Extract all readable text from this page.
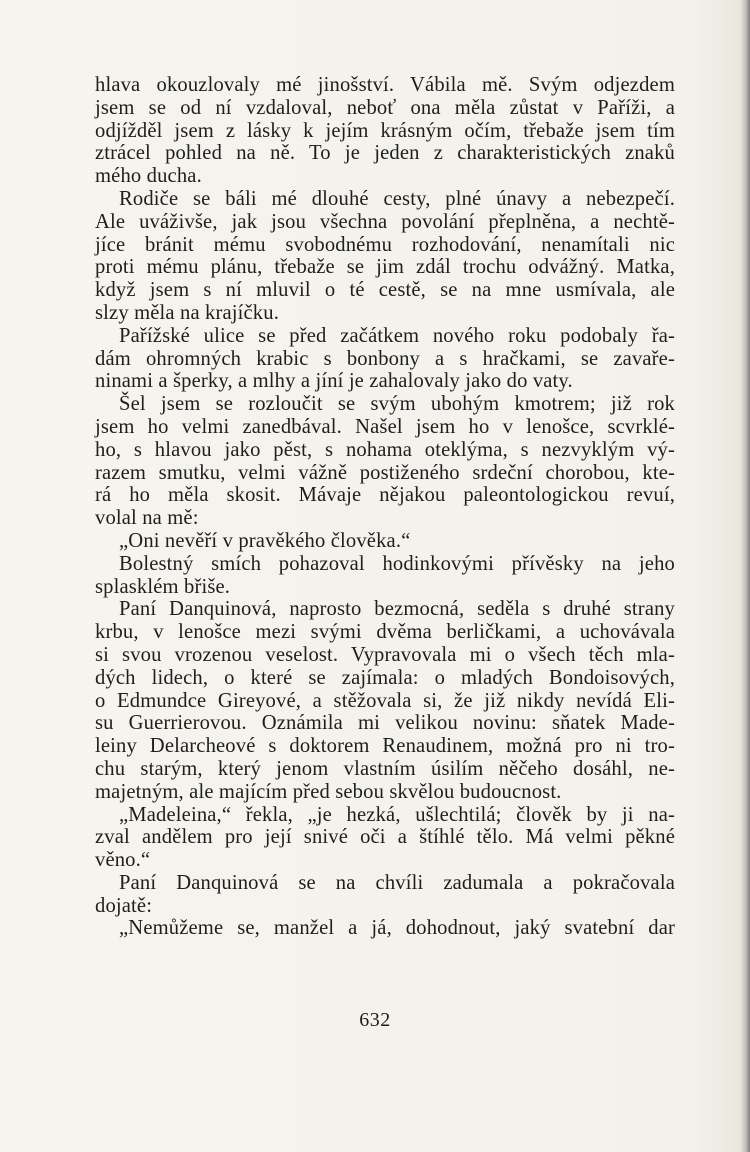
hlava okouzlovaly mé jinošství. Vábila mě. Svým odjezdem
jsem se od ní vzdaloval, neboť ona měla zůstat v Paříži, a
odjížděl jsem z lásky k jejím krásným očím, třebaže jsem tím
ztrácel pohled na ně. To je jeden z charakteristických znaků
mého ducha.
Rodiče se báli mé dlouhé cesty, plné únavy a nebezpečí.
Ale uváživše, jak jsou všechna povolání přeplněna, a nechtě-
jíce bránit mému svobodnému rozhodování, nenamítali nic
proti mému plánu, třebaže se jim zdál trochu odvážný. Matka,
když jsem s ní mluvil o té cestě, se na mne usmívala, ale
slzy měla na krajíčku.
Pařížské ulice se před začátkem nového roku podobaly řa-
dám ohromných krabic s bonbony a s hračkami, se zavaře-
ninami a šperky, a mlhy a jíní je zahalovaly jako do vaty.
Šel jsem se rozloučit se svým ubohým kmotrem; již rok
jsem ho velmi zanedbával. Našel jsem ho v lenošce, scvrklé-
ho, s hlavou jako pěst, s nohama oteklýma, s nezvyklým vý-
razem smutku, velmi vážně postiženého srdeční chorobou, kte-
rá ho měla skosit. Mávaje nějakou paleontologickou revuí,
volal na mě:
„Oni nevěří v pravěkého člověka.“
Bolestný smích pohazoval hodinkovými přívěsky na jeho
splasklém břiše.
Paní Danquinová, naprosto bezmocná, seděla s druhé strany
krbu, v lenošce mezi svými dvěma berličkami, a uchovávala
si svou vrozenou veselost. Vypravovala mi o všech těch mla-
dých lidech, o které se zajímala: o mladých Bondoisových,
o Edmundce Gireyové, a stěžovala si, že již nikdy nevídá Eli-
su Guerrierovou. Oznámila mi velikou novinu: sňatek Made-
leiny Delarcheové s doktorem Renaudinem, možná pro ni tro-
chu starým, který jenom vlastním úsilím něčeho dosáhl, ne-
majetným, ale majícím před sebou skvělou budoucnost.
„Madeleina,“ řekla, „je hezká, ušlechtilá; člověk by ji na-
zval andělem pro její snivé oči a štíhlé tělo. Má velmi pěkné
věno.“
Paní Danquinová se na chvíli zadumala a pokračovala
dojatě:
„Nemůžeme se, manžel a já, dohodnout, jaký svatební dar
632
